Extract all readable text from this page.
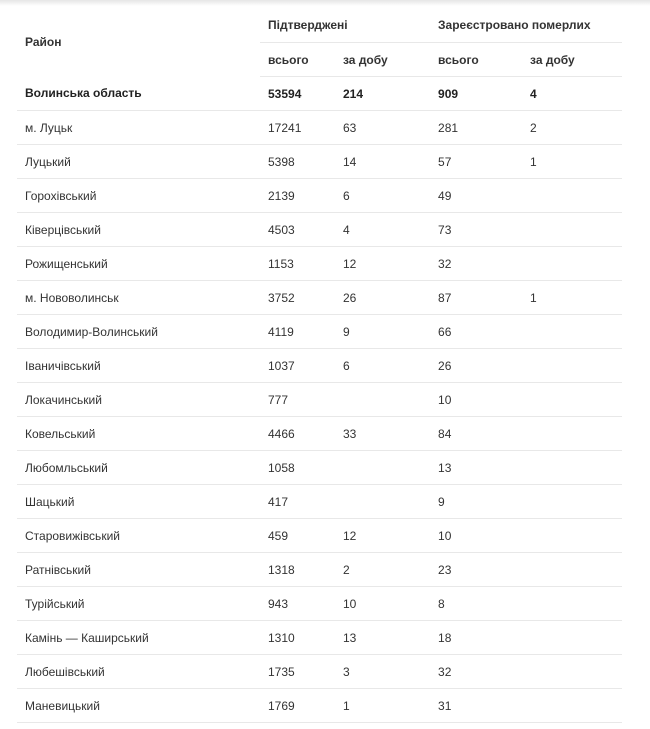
Район	Підтверджені		Зареєстровано померлих	
	всього	за добу	всього	за добу
Волинська область	53594	214	909	4
м. Луцьк	17241	63	281	2
Луцький	5398	14	57	1
Горохівський	2139	6	49	
Ківерцівський	4503	4	73	
Рожищенський	1153	12	32	
м. Нововолинськ	3752	26	87	1
Володимир-Волинський	4119	9	66	
Іваничівський	1037	6	26	
Локачинський	777		10	
Ковельський	4466	33	84	
Любомльський	1058		13	
Шацький	417		9	
Старовижівський	459	12	10	
Ратнівський	1318	2	23	
Турійський	943	10	8	
Камінь — Каширський	1310	13	18	
Любешівський	1735	3	32	
Маневицький	1769	1	31	
